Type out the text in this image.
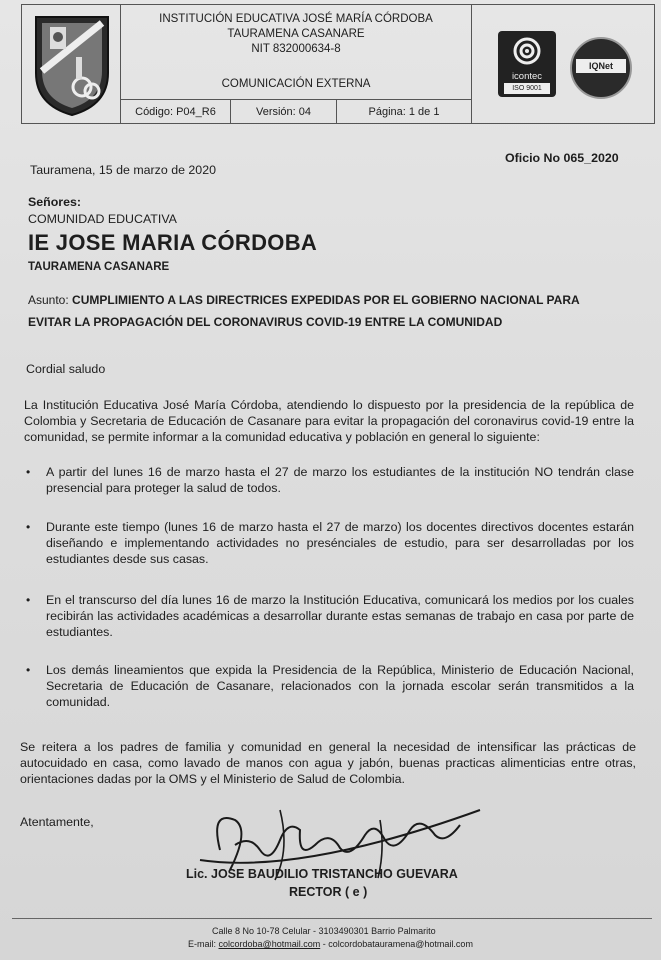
INSTITUCIÓN EDUCATIVA JOSÉ MARÍA CÓRDOBA
TAURAMENA CASANARE
NIT 832000634-8
COMUNICACIÓN EXTERNA
Código: P04_R6	Versión: 04	Página: 1 de 1
icontec
ISO 9001
IQNet
Tauramena, 15 de marzo de 2020
Oficio No 065_2020
Señores:
COMUNIDAD EDUCATIVA
IE JOSE MARIA CÓRDOBA
TAURAMENA CASANARE
Asunto: CUMPLIMIENTO A LAS DIRECTRICES EXPEDIDAS POR EL GOBIERNO NACIONAL PARA
EVITAR LA PROPAGACIÓN DEL CORONAVIRUS COVID-19 ENTRE LA COMUNIDAD
Cordial saludo
La Institución Educativa José María Córdoba, atendiendo lo dispuesto por la presidencia de la república de Colombia y Secretaria de Educación de Casanare para evitar la propagación del coronavirus covid-19 entre la comunidad, se permite informar a la comunidad educativa y población en general lo siguiente:
• A partir del lunes 16 de marzo hasta el 27 de marzo los estudiantes de la institución NO tendrán clase presencial para proteger la salud de todos.
• Durante este tiempo (lunes 16 de marzo hasta el 27 de marzo) los docentes directivos docentes estarán diseñando e implementando actividades no presénciales de estudio, para ser desarrolladas por los estudiantes desde sus casas.
• En el transcurso del día lunes 16 de marzo la Institución Educativa, comunicará los medios por los cuales recibirán las actividades académicas a desarrollar durante estas semanas de trabajo en casa por parte de estudiantes.
• Los demás lineamientos que expida la Presidencia de la República, Ministerio de Educación Nacional, Secretaria de Educación de Casanare, relacionados con la jornada escolar serán transmitidos a la comunidad.
Se reitera a los padres de familia y comunidad en general la necesidad de intensificar las prácticas de autocuidado en casa, como lavado de manos con agua y jabón, buenas practicas alimenticias entre otras, orientaciones dadas por la OMS y el Ministerio de Salud de Colombia.
Atentamente,
Lic. JOSE BAUDILIO TRISTANCHO GUEVARA
RECTOR ( e )
Calle 8 No 10-78 Celular - 3103490301 Barrio Palmarito
E-mail: colcordoba@hotmail.com - colcordobatauramena@hotmail.com
